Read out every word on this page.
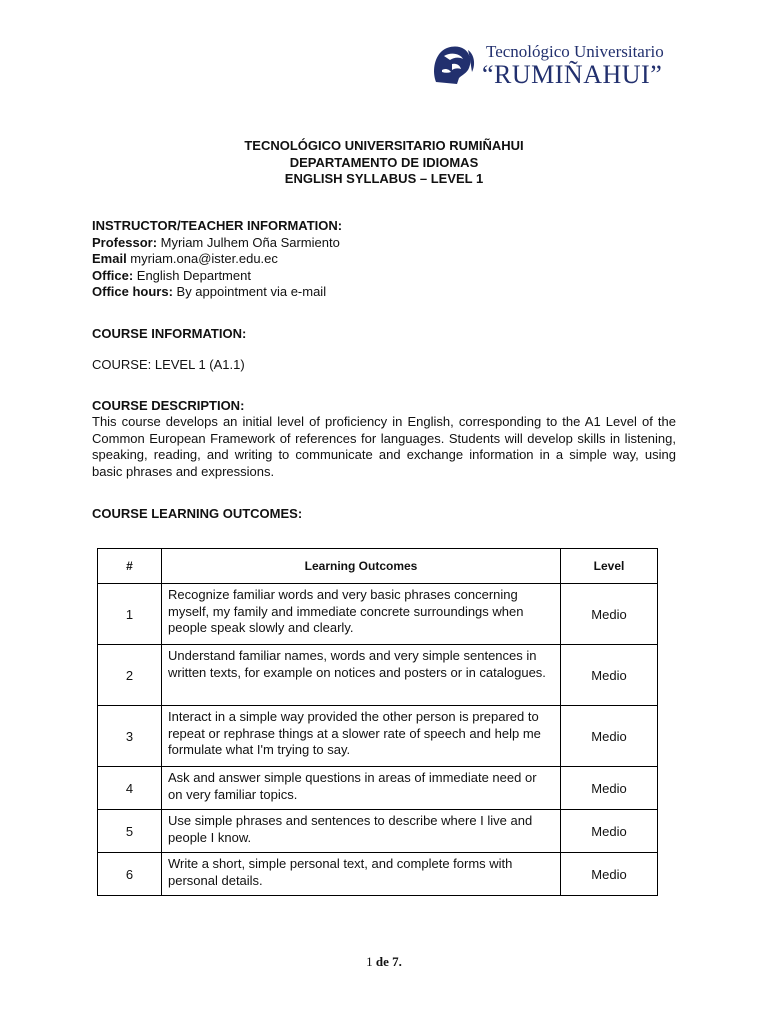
Tecnológico Universitario
“RUMIÑAHUI”
TECNOLÓGICO UNIVERSITARIO RUMIÑAHUI
DEPARTAMENTO DE IDIOMAS
ENGLISH SYLLABUS – LEVEL 1
INSTRUCTOR/TEACHER INFORMATION:
Professor: Myriam Julhem Oña Sarmiento
Email myriam.ona@ister.edu.ec
Office: English Department
Office hours: By appointment via e-mail
COURSE INFORMATION:
COURSE: LEVEL 1 (A1.1)
COURSE DESCRIPTION:
This course develops an initial level of proficiency in English, corresponding to the A1 Level of the Common European Framework of references for languages. Students will develop skills in listening, speaking, reading, and writing to communicate and exchange information in a simple way, using basic phrases and expressions.
COURSE LEARNING OUTCOMES:
#	Learning Outcomes	Level
1	Recognize familiar words and very basic phrases concerning myself, my family and immediate concrete surroundings when people speak slowly and clearly.	Medio
2	Understand familiar names, words and very simple sentences in written texts, for example on notices and posters or in catalogues.	Medio
3	Interact in a simple way provided the other person is prepared to repeat or rephrase things at a slower rate of speech and help me formulate what I'm trying to say.	Medio
4	Ask and answer simple questions in areas of immediate need or on very familiar topics.	Medio
5	Use simple phrases and sentences to describe where I live and people I know.	Medio
6	Write a short, simple personal text, and complete forms with personal details.	Medio
1 de 7.
